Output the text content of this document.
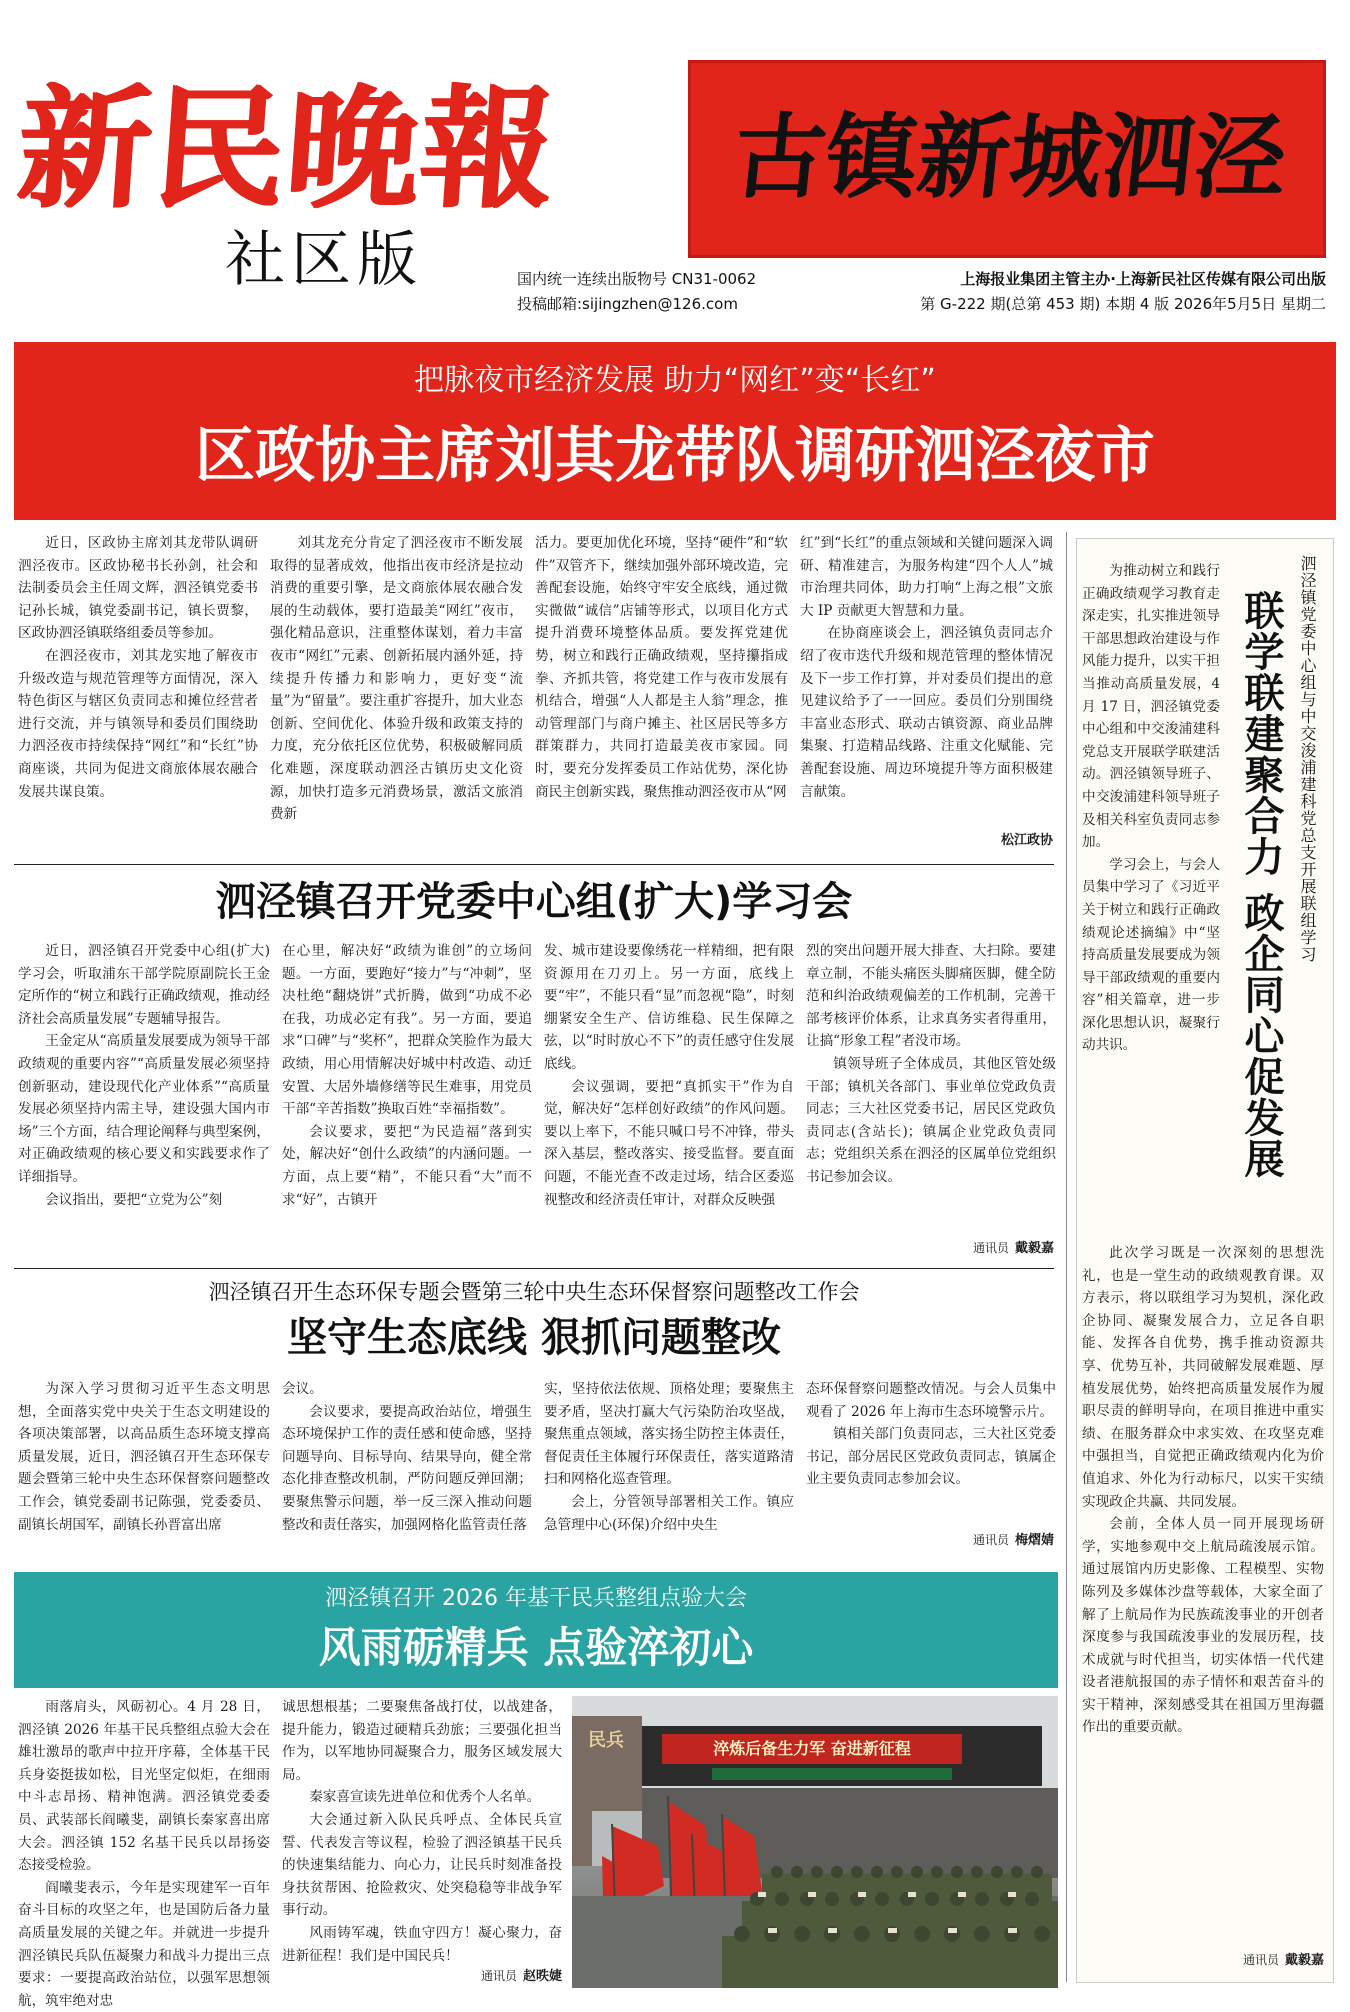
新民晚報
社区版
古镇新城泗泾
国内统一连续出版物号 CN31-0062	上海报业集团主管主办·上海新民社区传媒有限公司出版
投稿邮箱:sijingzhen@126.com	第 G-222 期(总第 453 期) 本期 4 版 2026年5月5日 星期二
把脉夜市经济发展 助力“网红”变“长红”
区政协主席刘其龙带队调研泗泾夜市

近日，区政协主席刘其龙带队调研泗泾夜市。区政协秘书长孙剑，社会和法制委员会主任周文辉，泗泾镇党委书记孙长城，镇党委副书记，镇长贾黎，区政协泗泾镇联络组委员等参加。

在泗泾夜市，刘其龙实地了解夜市升级改造与规范管理等方面情况，深入特色街区与辖区负责同志和摊位经营者进行交流，并与镇领导和委员们围绕助力泗泾夜市持续保持“网红”和“长红”协商座谈，共同为促进文商旅体展农融合发展共谋良策。

刘其龙充分肯定了泗泾夜市不断发展取得的显著成效，他指出夜市经济是拉动消费的重要引擎，是文商旅体展农融合发展的生动载体，要打造最美“网红”夜市，强化精品意识，注重整体谋划，着力丰富夜市“网红”元素、创新拓展内涵外延，持续提升传播力和影响力，更好变“流量”为“留量”。要注重扩容提升，加大业态创新、空间优化、体验升级和政策支持的力度，充分依托区位优势，积极破解同质化难题，深度联动泗泾古镇历史文化资源，加快打造多元消费场景，激活文旅消费新

活力。要更加优化环境，坚持“硬件”和“软件”双管齐下，继续加强外部环境改造，完善配套设施，始终守牢安全底线，通过微实微做“诚信”店铺等形式，以项目化方式提升消费环境整体品质。要发挥党建优势，树立和践行正确政绩观，坚持攥指成拳、齐抓共管，将党建工作与夜市发展有机结合，增强“人人都是主人翁”理念，推动管理部门与商户摊主、社区居民等多方群策群力，共同打造最美夜市家园。同时，要充分发挥委员工作站优势，深化协商民主创新实践，聚焦推动泗泾夜市从“网

红”到“长红”的重点领域和关键问题深入调研、精准建言，为服务构建“四个人人”城市治理共同体，助力打响“上海之根”文旅大 IP 贡献更大智慧和力量。

在协商座谈会上，泗泾镇负责同志介绍了夜市迭代升级和规范管理的整体情况及下一步工作打算，并对委员们提出的意见建议给予了一一回应。委员们分别围绕丰富业态形式、联动古镇资源、商业品牌集聚、打造精品线路、注重文化赋能、完善配套设施、周边环境提升等方面积极建言献策。

松江政协	泗泾镇党委中心组与中交浚浦建科党总支开展联组学习
联学联建聚合力 政企同心促发展

为推动树立和践行正确政绩观学习教育走深走实，扎实推进领导干部思想政治建设与作风能力提升，以实干担当推动高质量发展，4 月 17 日，泗泾镇党委中心组和中交浚浦建科党总支开展联学联建活动。泗泾镇领导班子、中交浚浦建科领导班子及相关科室负责同志参加。

学习会上，与会人员集中学习了《习近平关于树立和践行正确政绩观论述摘编》中“坚持高质量发展要成为领导干部政绩观的重要内容”相关篇章，进一步深化思想认识，凝聚行动共识。

此次学习既是一次深刻的思想洗礼，也是一堂生动的政绩观教育课。双方表示，将以联组学习为契机，深化政企协同、凝聚发展合力，立足各自职能、发挥各自优势，携手推动资源共享、优势互补，共同破解发展难题、厚植发展优势，始终把高质量发展作为履职尽责的鲜明导向，在项目推进中重实绩、在服务群众中求实效、在攻坚克难中强担当，自觉把正确政绩观内化为价值追求、外化为行动标尺，以实干实绩实现政企共赢、共同发展。

会前，全体人员一同开展现场研学，实地参观中交上航局疏浚展示馆。通过展馆内历史影像、工程模型、实物陈列及多媒体沙盘等载体，大家全面了解了上航局作为民族疏浚事业的开创者深度参与我国疏浚事业的发展历程，技术成就与时代担当，切实体悟一代代建设者港航报国的赤子情怀和艰苦奋斗的实干精神，深刻感受其在祖国万里海疆作出的重要贡献。

通讯员 戴毅嘉
泗泾镇召开党委中心组(扩大)学习会

近日，泗泾镇召开党委中心组(扩大)学习会，听取浦东干部学院原副院长王金定所作的“树立和践行正确政绩观，推动经济社会高质量发展”专题辅导报告。

王金定从“高质量发展要成为领导干部政绩观的重要内容”“高质量发展必须坚持创新驱动，建设现代化产业体系”“高质量发展必须坚持内需主导，建设强大国内市场”三个方面，结合理论阐释与典型案例，对正确政绩观的核心要义和实践要求作了详细指导。

会议指出，要把“立党为公”刻

在心里，解决好“政绩为谁创”的立场问题。一方面，要跑好“接力”与“冲刺”，坚决杜绝“翻烧饼”式折腾，做到“功成不必在我，功成必定有我”。另一方面，要追求“口碑”与“奖杯”，把群众笑脸作为最大政绩，用心用情解决好城中村改造、动迁安置、大居外墙修缮等民生难事，用党员干部“辛苦指数”换取百姓“幸福指数”。

会议要求，要把“为民造福”落到实处，解决好“创什么政绩”的内涵问题。一方面，点上要“精”，不能只看“大”而不求“好”，古镇开

发、城市建设要像绣花一样精细，把有限资源用在刀刃上。另一方面，底线上要“牢”，不能只看“显”而忽视“隐”，时刻绷紧安全生产、信访维稳、民生保障之弦，以“时时放心不下”的责任感守住发展底线。

会议强调，要把“真抓实干”作为自觉，解决好“怎样创好政绩”的作风问题。要以上率下，不能只喊口号不冲锋，带头深入基层，整改落实、接受监督。要直面问题，不能光查不改走过场，结合区委巡视整改和经济责任审计，对群众反映强

烈的突出问题开展大排查、大扫除。要建章立制，不能头痛医头脚痛医脚，健全防范和纠治政绩观偏差的工作机制，完善干部考核评价体系，让求真务实者得重用，让搞“形象工程”者没市场。

镇领导班子全体成员，其他区管处级干部；镇机关各部门、事业单位党政负责同志；三大社区党委书记，居民区党政负责同志(含站长)；镇属企业党政负责同志；党组织关系在泗泾的区属单位党组织书记参加会议。

通讯员 戴毅嘉
泗泾镇召开生态环保专题会暨第三轮中央生态环保督察问题整改工作会
坚守生态底线 狠抓问题整改

为深入学习贯彻习近平生态文明思想，全面落实党中央关于生态文明建设的各项决策部署，以高品质生态环境支撑高质量发展，近日，泗泾镇召开生态环保专题会暨第三轮中央生态环保督察问题整改工作会，镇党委副书记陈强，党委委员、副镇长胡国军，副镇长孙晋富出席

会议。

会议要求，要提高政治站位，增强生态环境保护工作的责任感和使命感，坚持问题导向、目标导向、结果导向，健全常态化排查整改机制，严防问题反弹回潮；要聚焦警示问题，举一反三深入推动问题整改和责任落实，加强网格化监管责任落

实，坚持依法依规、顶格处理；要聚焦主要矛盾，坚决打赢大气污染防治攻坚战，聚焦重点领域，落实扬尘防控主体责任，督促责任主体履行环保责任，落实道路清扫和网格化巡查管理。

会上，分管领导部署相关工作。镇应急管理中心(环保)介绍中央生

态环保督察问题整改情况。与会人员集中观看了 2026 年上海市生态环境警示片。

镇相关部门负责同志，三大社区党委书记，部分居民区党政负责同志，镇属企业主要负责同志参加会议。

通讯员 梅熠婧
泗泾镇召开 2026 年基干民兵整组点验大会
风雨砺精兵 点验淬初心

雨落肩头，风砺初心。4 月 28 日，泗泾镇 2026 年基干民兵整组点验大会在雄壮激昂的歌声中拉开序幕，全体基干民兵身姿挺拔如松，目光坚定似炬，在细雨中斗志昂扬、精神饱满。泗泾镇党委委员、武装部长阎曦斐，副镇长秦家喜出席大会。泗泾镇 152 名基干民兵以昂扬姿态接受检验。

阎曦斐表示，今年是实现建军一百年奋斗目标的攻坚之年，也是国防后备力量高质量发展的关键之年。并就进一步提升泗泾镇民兵队伍凝聚力和战斗力提出三点要求：一要提高政治站位，以强军思想领航，筑牢绝对忠

诚思想根基；二要聚焦备战打仗，以战建备，提升能力，锻造过硬精兵劲旅；三要强化担当作为，以军地协同凝聚合力，服务区域发展大局。

秦家喜宣读先进单位和优秀个人名单。

大会通过新入队民兵呼点、全体民兵宣誓、代表发言等议程，检验了泗泾镇基干民兵的快速集结能力、向心力，让民兵时刻准备投身扶贫帮困、抢险救灾、处突稳稳等非战争军事行动。

风雨铸军魂，铁血守四方！凝心聚力，奋进新征程！我们是中国民兵！

通讯员 赵昳婕
淬炼后备生力军 奋进新征程
民兵
